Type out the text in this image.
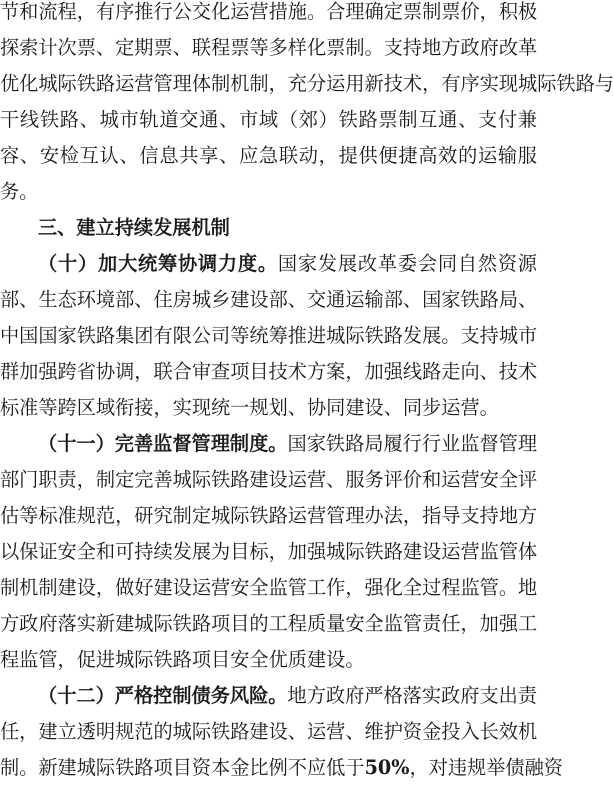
节和流程，有序推行公交化运营措施。合理确定票制票价，积极
探索计次票、定期票、联程票等多样化票制。支持地方政府改革
优化城际铁路运营管理体制机制，充分运用新技术，有序实现城际铁路与
干线铁路、城市轨道交通、市域（郊）铁路票制互通、支付兼
容、安检互认、信息共享、应急联动，提供便捷高效的运输服
务。
三、建立持续发展机制
（十）加大统筹协调力度。国家发展改革委会同自然资源
部、生态环境部、住房城乡建设部、交通运输部、国家铁路局、
中国国家铁路集团有限公司等统筹推进城际铁路发展。支持城市
群加强跨省协调，联合审查项目技术方案，加强线路走向、技术
标准等跨区域衔接，实现统一规划、协同建设、同步运营。
（十一）完善监督管理制度。国家铁路局履行行业监督管理
部门职责，制定完善城际铁路建设运营、服务评价和运营安全评
估等标准规范，研究制定城际铁路运营管理办法，指导支持地方
以保证安全和可持续发展为目标，加强城际铁路建设运营监管体
制机制建设，做好建设运营安全监管工作，强化全过程监管。地
方政府落实新建城际铁路项目的工程质量安全监管责任，加强工
程监管，促进城际铁路项目安全优质建设。
（十二）严格控制债务风险。地方政府严格落实政府支出责
任，建立透明规范的城际铁路建设、运营、维护资金投入长效机
制。新建城际铁路项目资本金比例不应低于50%，对违规举债融资
